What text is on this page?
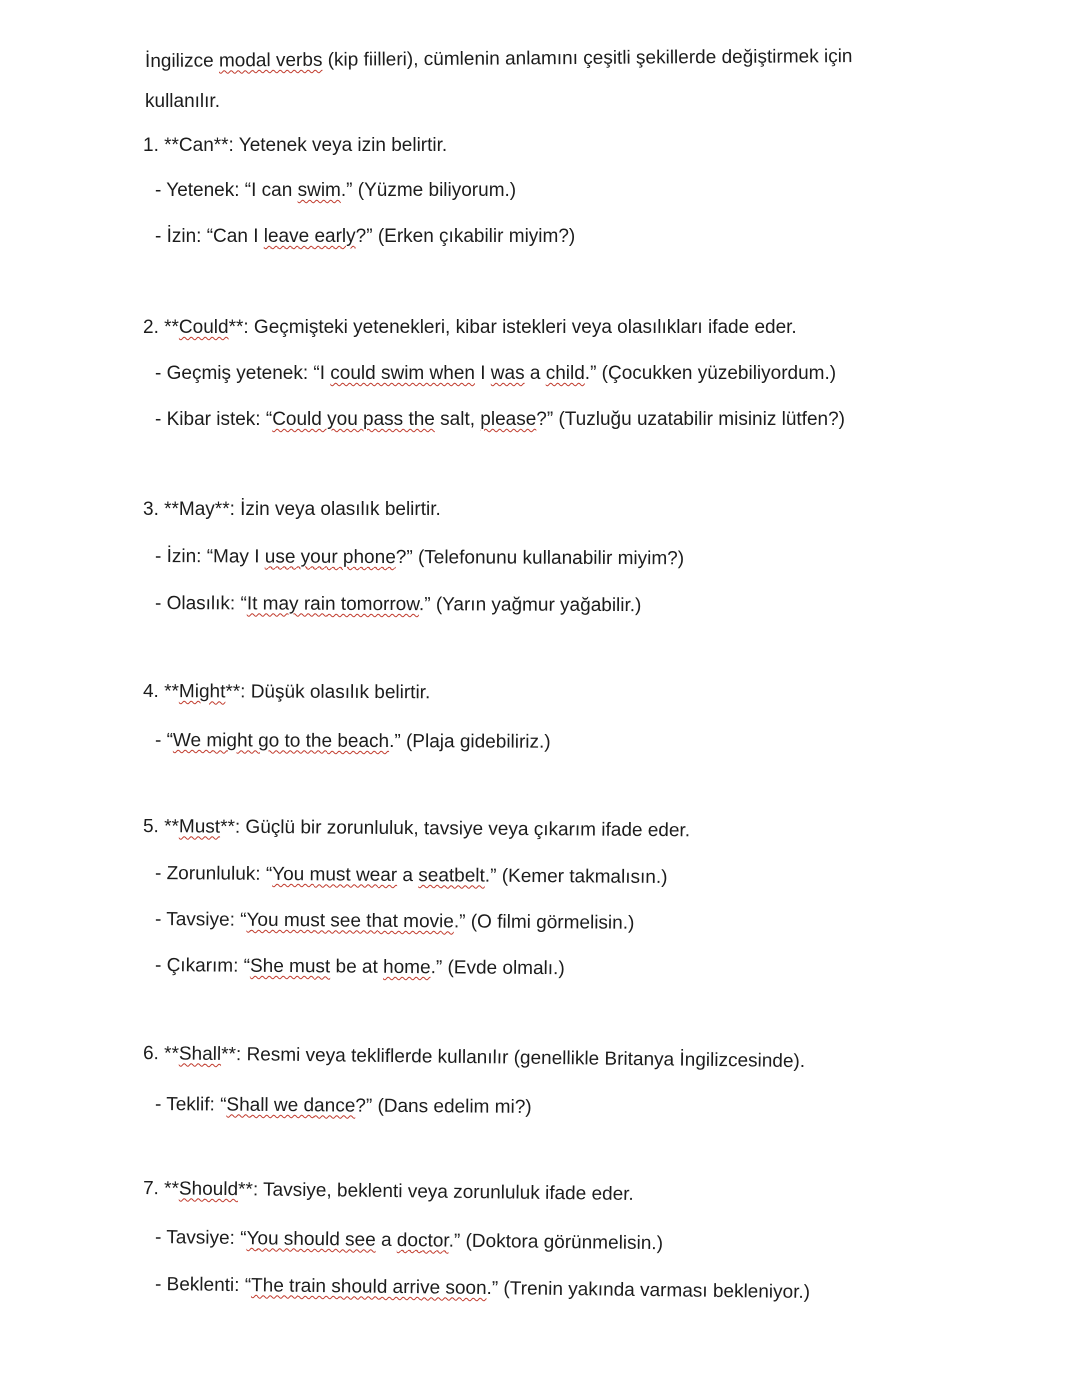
İngilizce modal verbs (kip fiilleri), cümlenin anlamını çeşitli şekillerde değiştirmek için
kullanılır.
1. **Can**: Yetenek veya izin belirtir.
- Yetenek: “I can swim.” (Yüzme biliyorum.)
- İzin: “Can I leave early?” (Erken çıkabilir miyim?)
2. **Could**: Geçmişteki yetenekleri, kibar istekleri veya olasılıkları ifade eder.
- Geçmiş yetenek: “I could swim when I was a child.” (Çocukken yüzebiliyordum.)
- Kibar istek: “Could you pass the salt, please?” (Tuzluğu uzatabilir misiniz lütfen?)
3. **May**: İzin veya olasılık belirtir.
- İzin: “May I use your phone?” (Telefonunu kullanabilir miyim?)
- Olasılık: “It may rain tomorrow.” (Yarın yağmur yağabilir.)
4. **Might**: Düşük olasılık belirtir.
- “We might go to the beach.” (Plaja gidebiliriz.)
5. **Must**: Güçlü bir zorunluluk, tavsiye veya çıkarım ifade eder.
- Zorunluluk: “You must wear a seatbelt.” (Kemer takmalısın.)
- Tavsiye: “You must see that movie.” (O filmi görmelisin.)
- Çıkarım: “She must be at home.” (Evde olmalı.)
6. **Shall**: Resmi veya tekliflerde kullanılır (genellikle Britanya İngilizcesinde).
- Teklif: “Shall we dance?” (Dans edelim mi?)
7. **Should**: Tavsiye, beklenti veya zorunluluk ifade eder.
- Tavsiye: “You should see a doctor.” (Doktora görünmelisin.)
- Beklenti: “The train should arrive soon.” (Trenin yakında varması bekleniyor.)
